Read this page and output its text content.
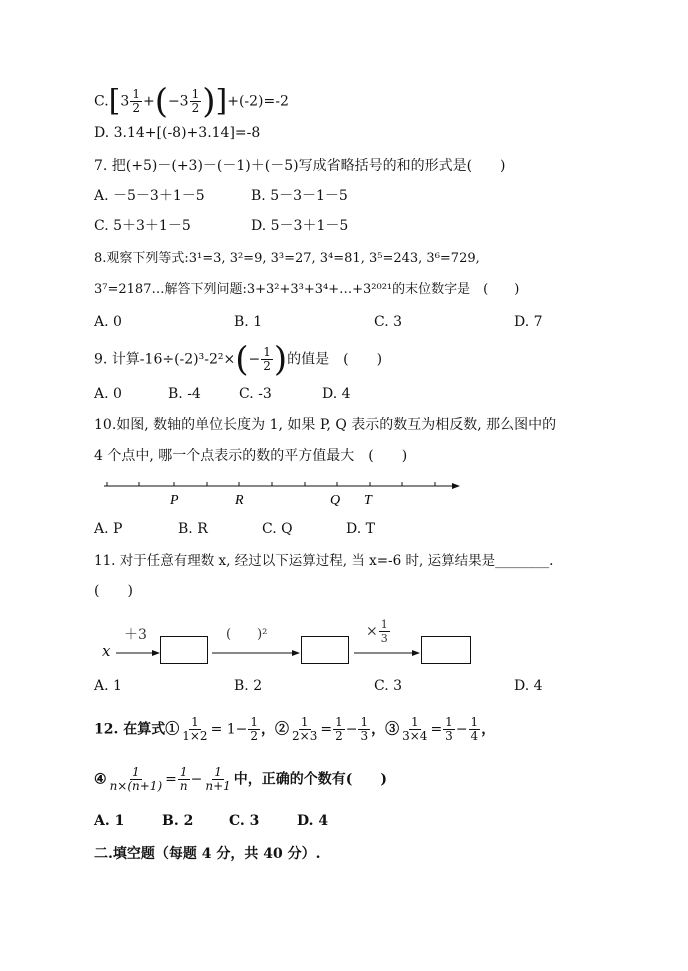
$C.[3 \frac{1}{2} +(-3 \frac{1}{2} )]+(-2)=-2$
D. 3.14+[(-8)+3.14]=-8
7. 把(+5)－(+3)－(－1)＋(－5)写成省略括号的和的形式是(　　)
A. －5－3＋1－5	B. 5－3－1－5
C. 5＋3＋1－5	D. 5－3＋1－5
8.观察下列等式:3¹=3, 3²=9, 3³=27, 3⁴=81, 3⁵=243, 3⁶=729,
3⁷=2187…解答下列问题:3+3²+3³+3⁴+…+3²⁰²¹的末位数字是　(　　)
A. 0	B. 1	C. 3	D. 7
9. 计算$-16\div(-2)^3-2^2\times(- \frac{1}{2}$ )的值是　(　　)
A. 0	B. -4	C. -3	D. 4
10.如图, 数轴的单位长度为 1, 如果 P, Q 表示的数互为相反数, 那么图中的
4 个点中, 哪一个点表示的数的平方值最大　(　　)
P	R	Q T
A. P	B. R	C. Q	D. T
11. 对于任意有理数 x, 经过以下运算过程, 当 x=-6 时, 运算结果是________.
(　　)
x
＋3	(　　)²	× $\frac{1}{3}$
A. 1	B. 2	C. 3	D. 4
12. 在算式① $\frac{1}{1\times 2} = 1- \frac{1}{2}$ ，② $\frac{1}{2\times 3} = \frac{1}{2} - \frac{1}{3}$ ，③ $\frac{1}{3\times 4} = \frac{1}{3} - \frac{1}{4}$ ，
④ $\frac{1}{n\times(n+1)} = \frac{1}{n} - \frac{1}{n+1}$ 中，正确的个数有(　　)
A. 1	B. 2	C. 3	D. 4
二.填空题（每题 4 分，共 40 分）.
